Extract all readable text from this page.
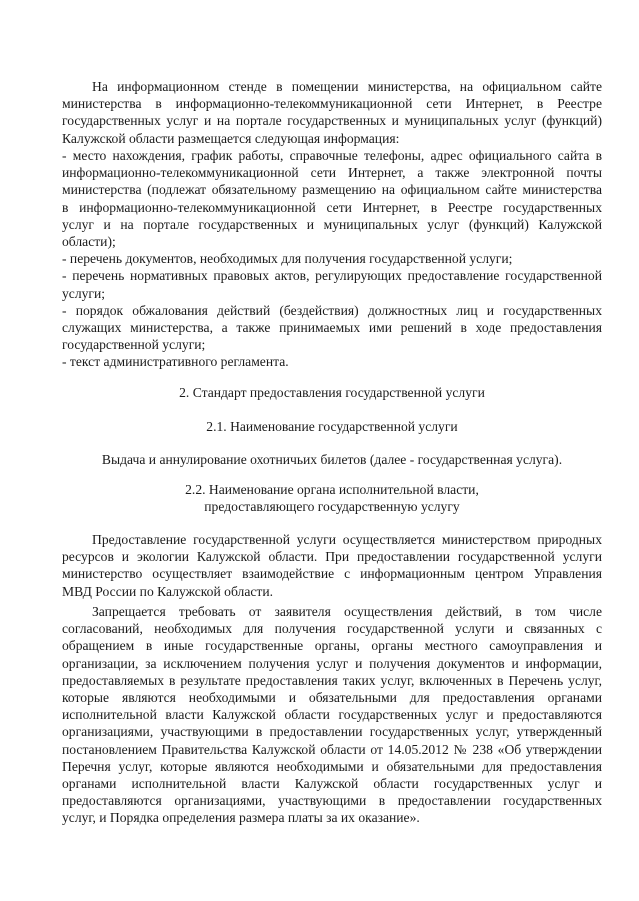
На информационном стенде в помещении министерства, на официальном сайте
министерства в информационно-телекоммуникационной сети Интернет, в Реестре
государственных услуг и на портале государственных и муниципальных услуг (функций)
Калужской области размещается следующая информация:
- место нахождения, график работы, справочные телефоны, адрес официального сайта в
информационно-телекоммуникационной сети Интернет, а также электронной почты
министерства (подлежат обязательному размещению на официальном сайте министерства
в информационно-телекоммуникационной сети Интернет, в Реестре государственных
услуг и на портале государственных и муниципальных услуг (функций) Калужской
области);
- перечень документов, необходимых для получения государственной услуги;
- перечень нормативных правовых актов, регулирующих предоставление государственной
услуги;
- порядок обжалования действий (бездействия) должностных лиц и государственных
служащих министерства, а также принимаемых ими решений в ходе предоставления
государственной услуги;
- текст административного регламента.
2. Стандарт предоставления государственной услуги
2.1. Наименование государственной услуги
Выдача и аннулирование охотничьих билетов (далее - государственная услуга).
2.2. Наименование органа исполнительной власти,
предоставляющего государственную услугу
Предоставление государственной услуги осуществляется министерством природных
ресурсов и экологии Калужской области. При предоставлении государственной услуги
министерство осуществляет взаимодействие с информационным центром Управления
МВД России по Калужской области.
Запрещается требовать от заявителя осуществления действий, в том числе
согласований, необходимых для получения государственной услуги и связанных с
обращением в иные государственные органы, органы местного самоуправления и
организации, за исключением получения услуг и получения документов и информации,
предоставляемых в результате предоставления таких услуг, включенных в Перечень услуг,
которые являются необходимыми и обязательными для предоставления органами
исполнительной власти Калужской области государственных услуг и предоставляются
организациями, участвующими в предоставлении государственных услуг, утвержденный
постановлением Правительства Калужской области от 14.05.2012 № 238 «Об утверждении
Перечня услуг, которые являются необходимыми и обязательными для предоставления
органами исполнительной власти Калужской области государственных услуг и
предоставляются организациями, участвующими в предоставлении государственных
услуг, и Порядка определения размера платы за их оказание».
